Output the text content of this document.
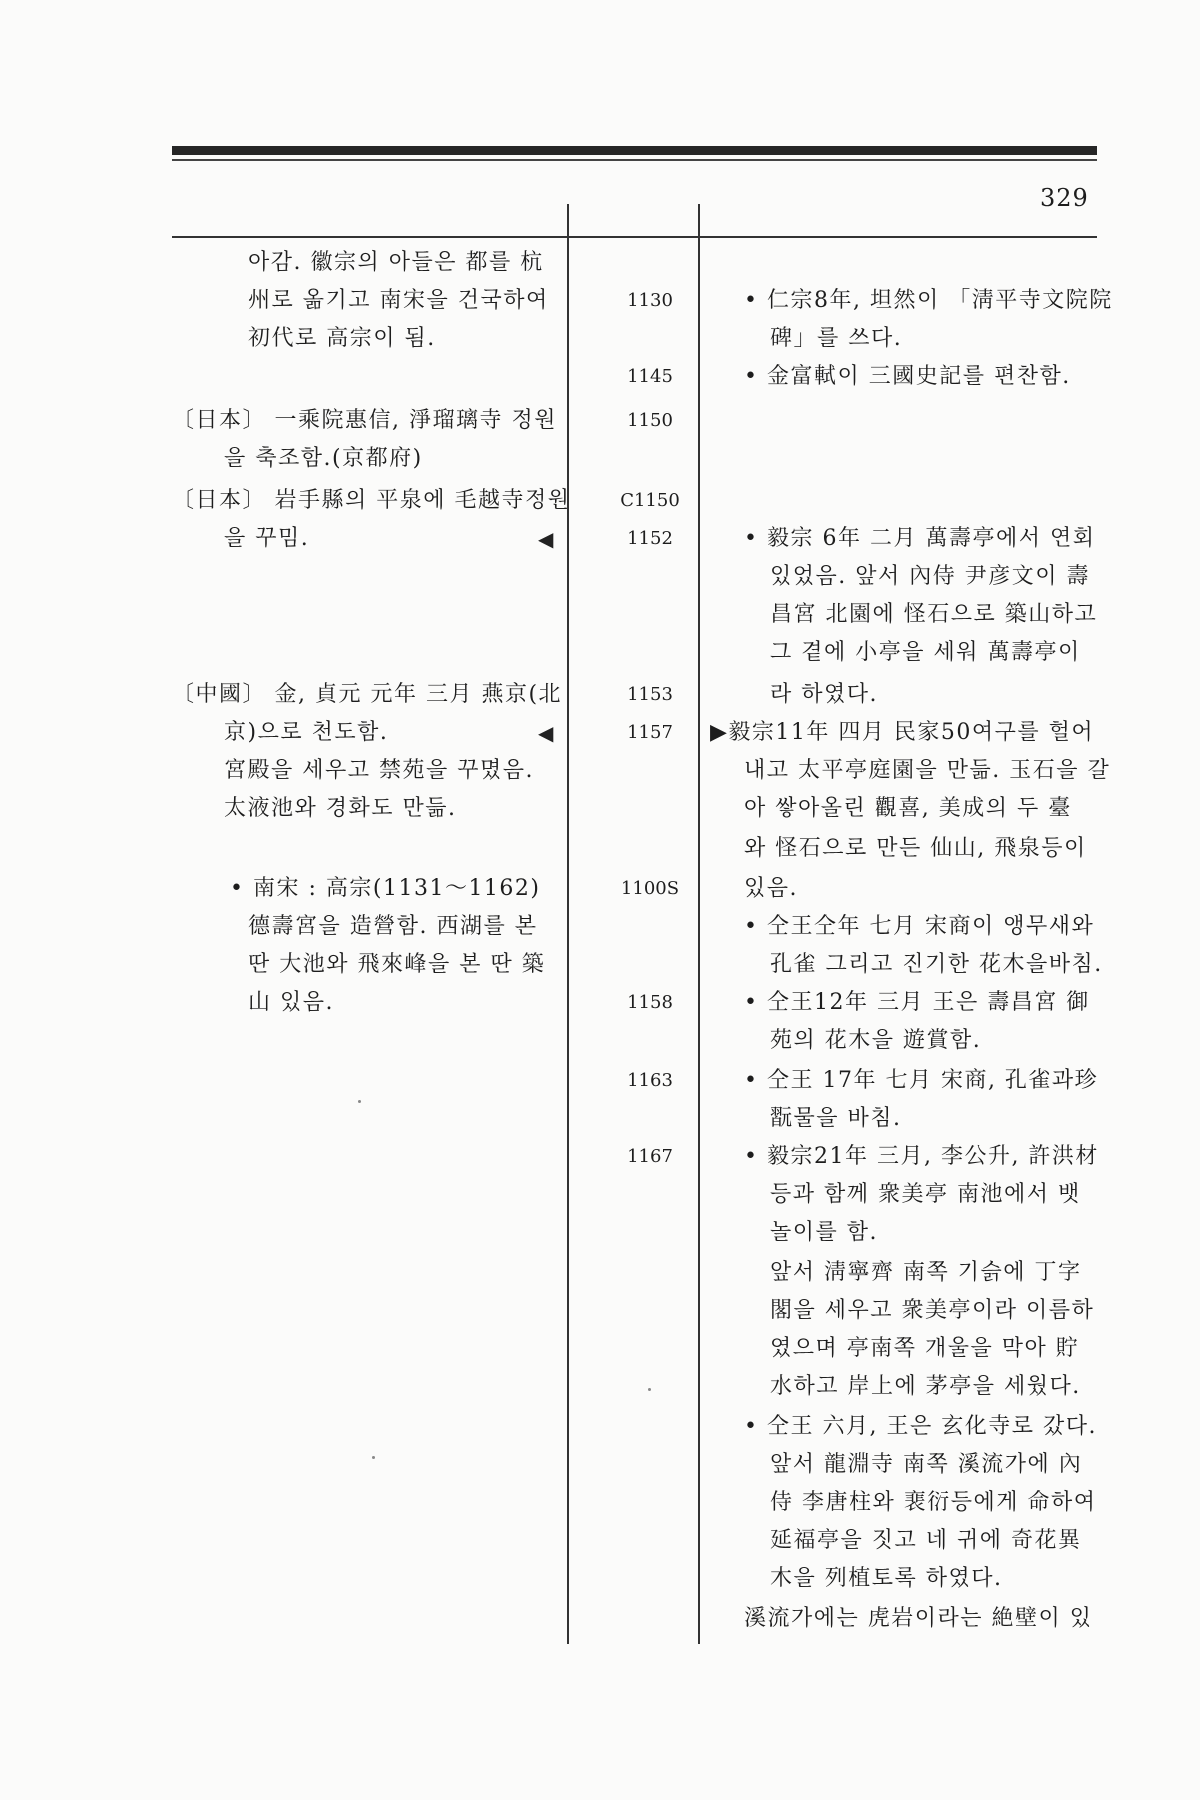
329
아감. 徽宗의 아들은 都를 杭
州로 옮기고 南宋을 건국하여
初代로 高宗이 됨.
〔日本〕 一乘院惠信, 淨瑠璃寺 정원
을 축조함.(京都府)
〔日本〕 岩手縣의 平泉에 毛越寺정원
을 꾸밈.	◀
〔中國〕 金, 貞元 元年 三月 燕京(北
京)으로 천도함.	◀
宮殿을 세우고 禁苑을 꾸몄음.
太液池와 경화도 만듦.
• 南宋 : 高宗(1131～1162)
德壽宮을 造營함. 西湖를 본
딴 大池와 飛來峰을 본 딴 築
山 있음.
1130
1145
1150
C1150
1152
1153
1157
1100S
1158
1163
1167
• 仁宗8年, 坦然이 「淸平寺文院院
碑」를 쓰다.
• 金富軾이 三國史記를 편찬함.
• 毅宗 6年 二月 萬壽亭에서 연회
있었음. 앞서 內侍 尹彦文이 壽
昌宮 北園에 怪石으로 築山하고
그 곁에 小亭을 세워 萬壽亭이
라 하였다.
▶毅宗11年 四月 民家50여구를 헐어
내고 太平亭庭園을 만듦. 玉石을 갈
아 쌓아올린 觀喜, 美成의 두 臺
와 怪石으로 만든 仙山, 飛泉등이
있음.
• 仝王仝年 七月 宋商이 앵무새와
孔雀 그리고 진기한 花木을바침.
• 仝王12年 三月 王은 壽昌宮 御
苑의 花木을 遊賞함.
• 仝王 17年 七月 宋商, 孔雀과珍
翫물을 바침.
• 毅宗21年 三月, 李公升, 許洪材
등과 함께 衆美亭 南池에서 뱃
놀이를 함.
앞서 淸寧齊 南쪽 기슭에 丁字
閣을 세우고 衆美亭이라 이름하
였으며 亭南쪽 개울을 막아 貯
水하고 岸上에 茅亭을 세웠다.
• 仝王 六月, 王은 玄化寺로 갔다.
앞서 龍淵寺 南쪽 溪流가에 內
侍 李唐柱와 裵衍등에게 命하여
延福亭을 짓고 네 귀에 奇花異
木을 列植토록 하였다.
溪流가에는 虎岩이라는 絶壁이 있
